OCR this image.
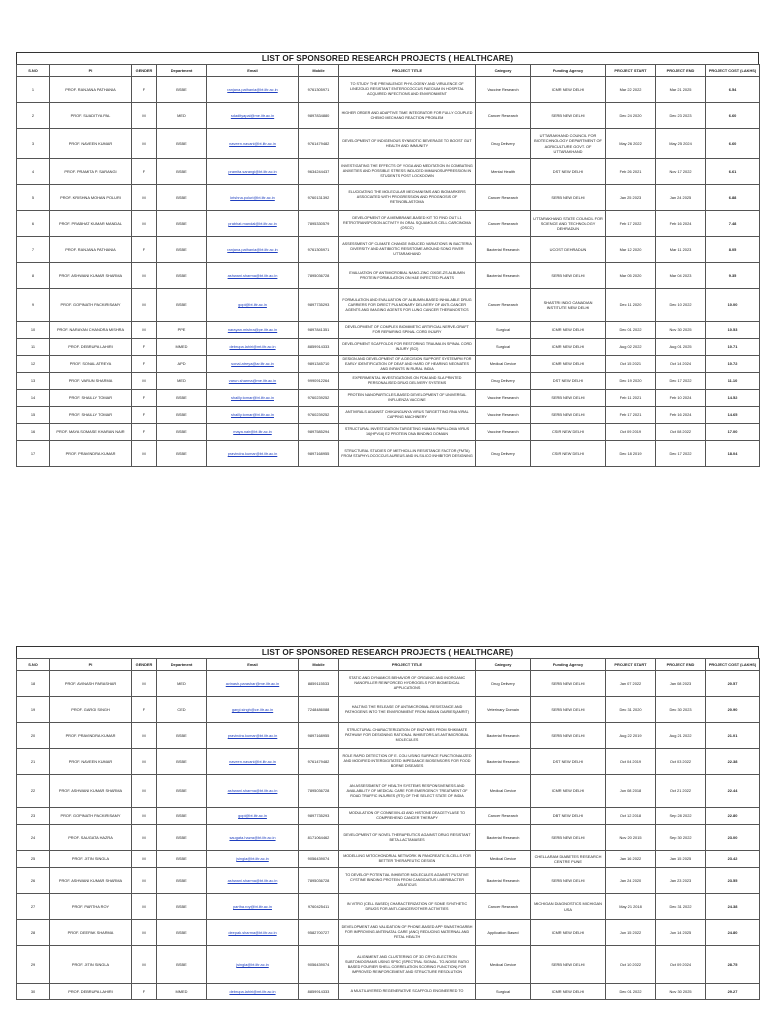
LIST OF SPONSORED RESEARCH PROJECTS ( HEALTHCARE)
S.NO	PI	GENDER	Department	Email	Mobile	PROJECT TITLE	Category	Funding Agency	PROJECT START	PROJECT END	PROJECT COST (LAKHS)
1	PROF. RANJANA PATHANIA	F	BSBE	ranjana.pathania@bt.iitr.ac.in	9761305971	TO STUDY THE PREVALENCE PHYLOGENY AND VIRULENCE OF LINEZOLID RESISTANT ENTEROCOCCUS FAECIUM IN HOSPITAL ACQUIRED INFECTIONS AND ENVIRONMENT	Vaccine Research	ICMR NEW DELHI	Mar 22 2022	Mar 21 2025	6.54
2	PROF. SUADITYA PAL	M	MED	sdadityapal@me.iitr.ac.in	9897834880	HIGHER ORDER AND ADAPTIVE TIME INTEGRATOR FOR FULLY COUPLED CHEMO MECHANO REACTION PROBLEM	Cancer Research	SERB NEW DELHI	Dec 24 2020	Dec 23 2023	6.60
3	PROF. NAVEEN KUMAR	M	BSBE	naveen.navani@bt.iitr.ac.in	9761479482	DEVELOPMENT OF INDIGENOUS SYNBIOTIC BEVERAGE TO BOOST GUT HEALTH AND IMMUNITY	Drug Delivery	UTTARAKHAND COUNCIL FOR BIOTECHNOLOGY DEPARTMENT OF AGRICULTURE GOVT. OF UTTARAKHAND	May 26 2022	May 25 2024	6.60
4	PROF. PRAMITA P. SARANGI	F	BSBE	pramita.sarangi@bt.iitr.ac.in	9634244437	INVESTIGATING THE EFFECTS OF YOGA AND MEDITATION IN COMBATING ANXIETIES AND POSSIBLE STRESS INDUCED IMMUNOSUPPRESSION IN STUDENTS POST LOCKDOWN	Mental Health	DST NEW DELHI	Feb 26 2021	Nov 17 2022	6.61
5	PROF. KRISHNA MOHAN POLURI	M	BSBE	krishna.poluri@bt.iitr.ac.in	9760131392	ELUCIDATING THE MOLECULAR MECHANISMS AND BIOMARKERS ASSOCIATED WITH PROGRESSION AND PROGNOSIS OF RETINOBLASTOMA	Cancer Research	SERB NEW DELHI	Jan 25 2023	Jan 24 2025	6.88
6	PROF. PRABHAT KUMAR MANDAL	M	BSBE	prabhat.mandal@bt.iitr.ac.in	7895330579	DEVELOPMENT OF A MEMBRANE-BASED KIT TO FIND OUT L1 RETROTRANSPOSON ACTIVITY IN ORAL SQUAMOUS CELL CARCINOMA (OSCC)	Cancer Research	UTTARAKHAND STATE COUNCIL FOR SCIENCE AND TECHNOLOGY DEHRADUN	Feb 17 2022	Feb 16 2024	7.48
7	PROF. RANJANA PATHANIA	F	BSBE	ranjana.pathania@bt.iitr.ac.in	9761305971	ASSESSMENT OF CLIMATE CHANGE INDUCED VARIATIONS IN BACTERIA DIVERSITY AND ANTIBIOTIC RESISTOME AROUND SONG RIVER UTTARAKHAND	Bacterial Research	UCOST DEHRADUN	Mar 12 2020	Mar 11 2023	8.05
8	PROF. ASHWANI KUMAR SHARMA	M	BSBE	ashwani.sharma@bt.iitr.ac.in	7895036728	EVALUATION OF ANTIMICROBIAL NANO-ZINC OXIDE-ZS ALBUMIN PROTEIN FORMULATION ON H&E INFECTED PLANTS	Bacterial Research	SERB NEW DELHI	Mar 05 2020	Mar 04 2023	9.35
9	PROF. GOPINATH PACKIRISAMY	M	BSBE	gopi@bt.iitr.ac.in	9897735293	FORMULATION AND EVALUATION OF ALBUMIN-BASED INHALABLE DRUG CARRIERS FOR DIRECT PULMONARY DELIVERY OF ANTI-CANCER AGENTS AND IMAGING AGENTS FOR LUNG CANCER THERANOSTICS	Cancer Research	SHASTRI INDO CANADIAN INSTITUTE NEW DELHI	Dec 11 2020	Dec 10 2022	10.00
10	PROF. NARAYAN CHANDRA MISHRA	M	PPE	narayan.mishra@pe.iitr.ac.in	9897841351	DEVELOPMENT OF COMPLEX BIOMIMETIC ARTIFICIAL NERVE-GRAFT FOR REPAIRING SPINAL CORD INJURY	Surgical	ICMR NEW DELHI	Dec 01 2022	Nov 30 2025	10.53
11	PROF. DEBRUPA LAHIRI	F	MMED	debrupa.lahiri@mt.iitr.ac.in	8859914333	DEVELOPMENT SCAFFOLDS FOR RESTORING TRAUMA IN SPINAL CORD INJURY (SCI)	Surgical	ICMR NEW DELHI	Aug 02 2022	Aug 01 2025	10.71
12	PROF. SONAL ATREYA	F	APD	sonal.atreya@ar.iitr.ac.in	9891345710	DESIGN AND DEVELOPMENT OF A DECISION SUPPORT SYSTEMPM FOR EARLY IDENTIFICATION OF DEAF AND HARD OF HEARING NEONATES AND INFANTS IN RURAL INDIA	Medical Device	ICMR NEW DELHI	Oct 15 2021	Oct 14 2024	10.72
13	PROF. VARUN SHARMA	M	MED	varun.sharma@me.iitr.ac.in	9990912264	EXPERIMENTAL INVESTIGATIONS ON FDM AND SLA PRINTED PERSONALISED DRUG DELIVERY SYSTEMS	Drug Delivery	DST NEW DELHI	Dec 19 2020	Dec 17 2022	11.10
14	PROF. SHAILLY TOMAR	F	BSBE	shailly.tomar@bt.iitr.ac.in	9760239252	PROTEIN NANOPARTICLES-BASED DEVELOPMENT OF UNIVERSAL INFLUENZA VACCINE	Vaccine Research	SERB NEW DELHI	Feb 11 2021	Feb 10 2024	14.52
15	PROF. SHAILLY TOMAR	F	BSBE	shailly.tomar@bt.iitr.ac.in	9760239252	ANTIVIRALS AGAINST CHIKUNGUNYA VIRUS TARGETTING RNA VIRAL CAPPING MACHINERY	Vaccine Research	SERB NEW DELHI	Feb 17 2021	Feb 16 2024	14.65
16	PROF. MAYA SOMASE KHARAN NAIR	F	BSBE	maya.nair@bt.iitr.ac.in	9897585294	STRUCTURAL INVESTIGATION TARGETING HUMAN PAPILLOMA VIRUS 16(HPV16) E2 PROTEIN DNA BINDING DOMAIN	Vaccine Research	CSIR NEW DELHI	Oct 09 2019	Oct 08 2022	17.00
17	PROF. PRAVINDRA KUMAR	M	BSBE	pravindra.kumar@bt.iitr.ac.in	9897168955	STRUCTURAL STUDIES OF METHICILLIN RESISTANCE FACTOR (FMTA) FROM STAPHYLOCOCCUS AUREUS AND IN-SILICO INHIBITOR DESIGNING	Drug Delivery	CSIR NEW DELHI	Dec 18 2019	Dec 17 2022	18.04
LIST OF SPONSORED RESEARCH PROJECTS ( HEALTHCARE)
S.NO	PI	GENDER	Department	Email	Mobile	PROJECT TITLE	Category	Funding Agency	PROJECT START	PROJECT END	PROJECT COST (LAKHS)
18	PROF. AVINASH PARASHAR	M	MED	avinash.parashar@me.iitr.ac.in	8859115533	STATIC AND DYNAMICS BEHAVIOR OF ORGANIC AND INORGANIC NANOFILLER REINFORCED HYDROGELS FOR BIOMEDICAL APPLICATIONS	Drug Delivery	SERB NEW DELHI	Jan 07 2022	Jan 08 2023	20.57
19	PROF. GARGI SINGH	F	CED	gargi.singh@ce.iitr.ac.in	7248486088	HALTING THE RELEASE OF ANTIMICROBIAL RESISTANCE AND PATHOGENS INTO THE ENVIRONMENT FROM INDIAN DAIRIES(AMRIT)	Veterinary Domain	SERB NEW DELHI	Dec 31 2020	Dec 30 2023	20.90
20	PROF. PRAVINDRA KUMAR	M	BSBE	pravindra.kumar@bt.iitr.ac.in	9897168955	STRUCTURAL CHARACTERIZATION OF ENZYMES FROM SHIKIMATE PATHWAY FOR DESIGNING RATIONAL INHIBITORS AS ANTIMICROBIAL MOLECULES	Bacterial Research	SERB NEW DELHI	Aug 22 2019	Aug 21 2022	21.01
21	PROF. NAVEEN KUMAR	M	BSBE	naveen.navani@bt.iitr.ac.in	9761479482	ROLE RAPID DETECTION OF E. COLI USING SURFACE FUNCTIONALIZED AND MODIFIED INTERDIGITATED IMPEDANCE BIOSENSORS FOR FOOD BORNE DISEASES	Bacterial Research	DST NEW DELHI	Oct 04 2019	Oct 03 2022	22.38
22	PROF. ASHWANI KUMAR SHARMA	M	BSBE	ashwani.sharma@bt.iitr.ac.in	7895036728	AN ASSESSMENT OF HEALTH SYSTEMS RESPONSIVENESS AND AVAILABILITY OF MEDICAL CARE FOR EMERGENCY TREATMENT OF ROAD TRAFFIC INJURIES (RTI) OF THE SELECT STATE OF INDIA	Medical Device	ICMR NEW DELHI	Jun 08 2018	Oct 21 2022	22.44
23	PROF. GOPINATH PACKIRISAMY	M	BSBE	gopi@bt.iitr.ac.in	9897735293	MODULATION OF CONNEXIN-43 AND HISTONE DEACETYLASE TO COMPREHEND CANCER THERAPY	Cancer Research	DBT NEW DELHI	Oct 12 2018	Sep 28 2022	22.80
24	PROF. SAUGATA HAZRA	M	BSBE	saugata.hazra@bt.iitr.ac.in	8171064462	DEVELOPMENT OF NOVEL THERAPEUTICS AGAINST DRUG RESISTANT BETA-LACTAMASES	Bacterial Research	SERB NEW DELHI	Nov 20 2015	Sep 30 2022	23.00
25	PROF. JITIN SINGLA	M	BSBE	jsingla@bt.iitr.ac.in	9056439074	MODELLING MITOCHONDRIAL NETWORK IN PANCREATIC B-CELLS FOR BETTER THERAPEUTIC DESIGN	Medical Device	CHELLARAM DIABETES RESEARCH CENTRE PUNE	Jan 16 2022	Jan 15 2025	23.42
26	PROF. ASHWANI KUMAR SHARMA	M	BSBE	ashwani.sharma@bt.iitr.ac.in	7895036728	TO DEVELOP POTENTIAL INHIBITOR MOLECULES AGAINST PUTATIVE CYSTINE BINDING PROTEIN FROM CANDIDATUS LIBERIBACTER ASIATICUS	Bacterial Research	SERB NEW DELHI	Jan 24 2020	Jan 23 2023	23.55
27	PROF. PARTHA ROY	M	BSBE	partha.roy@bt.iitr.ac.in	9760425411	IN VITRO (CELL BASED) CHARACTERIZATION OF SOME SYNTHETIC DRUGS FOR ANTI-CANCER/OTHER ACTIVITIES	Cancer Research	MICHIGAN DIAGNOSTICS MICHIGAN USA	May 21 2018	Dec 31 2022	24.38
28	PROF. DEEPAK SHARMA	M	BSBE	deepak.sharma@bt.iitr.ac.in	9582700727	DEVELOPMENT AND VALIDATION OF PHONE-BASED APP SWASTHGARBH FOR IMPROVING ANTENATAL CARE (ANC) REDUCING MATERNAL AND FETAL HEALTH	Application Based	ICMR NEW DELHI	Jun 15 2022	Jun 14 2025	24.80
29	PROF. JITIN SINGLA	M	BSBE	jsingla@bt.iitr.ac.in	9056439074	ALIGNMENT AND CLUSTERING OF 3D CRYO-ELECTRON SUBTOMOGRAMS USING SPSC (SPECTRAL SIGNAL- TO-NOISE RATIO BASED FOURIER SHELL CORRELATION SCORING FUNCTION) FOR IMPROVED REINFORCEMENT AND STRUCTURE RESOLUTION	Medical Device	SERB NEW DELHI	Oct 10 2022	Oct 09 2024	28.75
30	PROF. DEBRUPA LAHIRI	F	MMED	debrupa.lahiri@mt.iitr.ac.in	8859914333	A MULTILAYERED REGENERATIVE SCAFFOLD ENGINEERED TO	Surgical	ICMR NEW DELHI	Dec 01 2022	Nov 30 2025	29.27
